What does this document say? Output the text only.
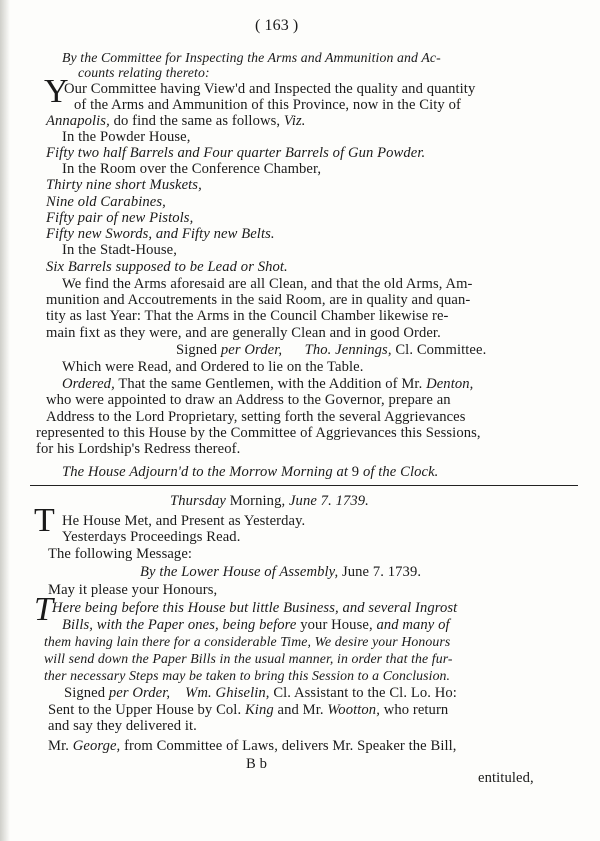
( 163 )
By the Committee for Inspecting the Arms and Ammunition and Ac-
counts relating thereto:
Y
Our Committee having View'd and Inspected the quality and quantity
of the Arms and Ammunition of this Province, now in the City of
Annapolis, do find the same as follows, Viz.
In the Powder House,
Fifty two half Barrels and Four quarter Barrels of Gun Powder.
In the Room over the Conference Chamber,
Thirty nine short Muskets,
Nine old Carabines,
Fifty pair of new Pistols,
Fifty new Swords, and Fifty new Belts.
In the Stadt-House,
Six Barrels supposed to be Lead or Shot.
We find the Arms aforesaid are all Clean, and that the old Arms, Am-
munition and Accoutrements in the said Room, are in quality and quan-
tity as last Year: That the Arms in the Council Chamber likewise re-
main fixt as they were, and are generally Clean and in good Order.
Signed per Order, Tho. Jennings, Cl. Committee.
Which were Read, and Ordered to lie on the Table.
Ordered, That the same Gentlemen, with the Addition of Mr. Denton,
who were appointed to draw an Address to the Governor, prepare an
Address to the Lord Proprietary, setting forth the several Aggrievances
represented to this House by the Committee of Aggrievances this Sessions,
for his Lordship's Redress thereof.
The House Adjourn'd to the Morrow Morning at 9 of the Clock.
Thursday Morning, June 7. 1739.
T He House Met, and Present as Yesterday.
Yesterdays Proceedings Read.
The following Message:
By the Lower House of Assembly, June 7. 1739.
May it please your Honours,
T Here being before this House but little Business, and several Ingrost
Bills, with the Paper ones, being before your House, and many of
them having lain there for a considerable Time, We desire your Honours
will send down the Paper Bills in the usual manner, in order that the fur-
ther necessary Steps may be taken to bring this Session to a Conclusion.
Signed per Order, Wm. Ghiselin, Cl. Assistant to the Cl. Lo. Ho:
Sent to the Upper House by Col. King and Mr. Wootton, who return
and say they delivered it.
Mr. George, from Committee of Laws, delivers Mr. Speaker the Bill,
B b
entituled,
